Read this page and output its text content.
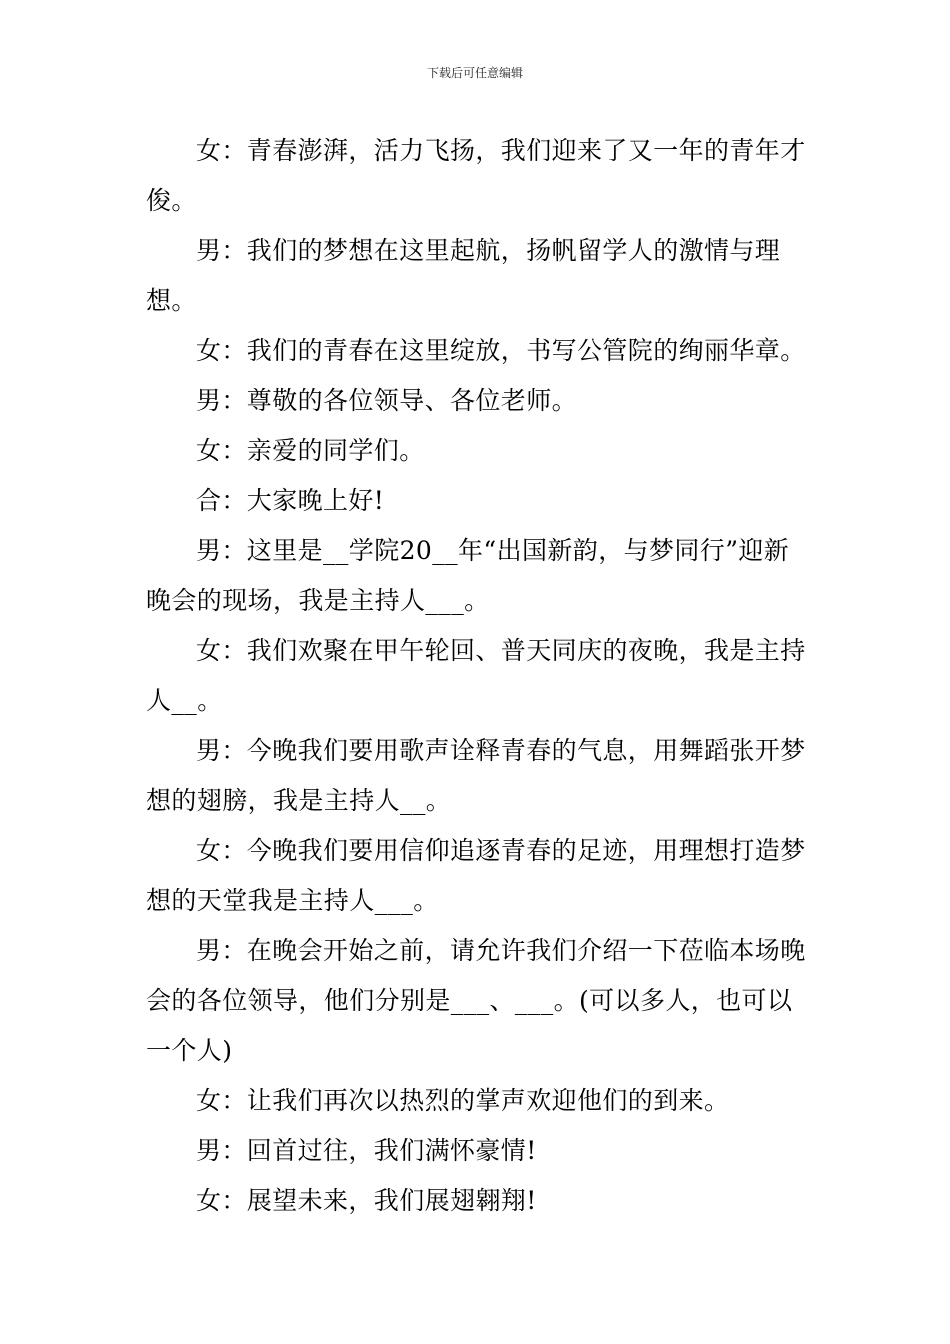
下载后可任意编辑

女：青春澎湃，活力飞扬，我们迎来了又一年的青年才俊。

男：我们的梦想在这里起航，扬帆留学人的激情与理想。

女：我们的青春在这里绽放，书写公管院的绚丽华章。

男：尊敬的各位领导、各位老师。

女：亲爱的同学们。

合：大家晚上好!

男：这里是__学院20__年“出国新韵，与梦同行”迎新晚会的现场，我是主持人___。

女：我们欢聚在甲午轮回、普天同庆的夜晚，我是主持人__。

男：今晚我们要用歌声诠释青春的气息，用舞蹈张开梦想的翅膀，我是主持人__。

女：今晚我们要用信仰追逐青春的足迹，用理想打造梦想的天堂我是主持人___。

男：在晚会开始之前，请允许我们介绍一下莅临本场晚会的各位领导，他们分别是___、___。(可以多人，也可以一个人)

女：让我们再次以热烈的掌声欢迎他们的到来。

男：回首过往，我们满怀豪情!

女：展望未来，我们展翅翱翔!
